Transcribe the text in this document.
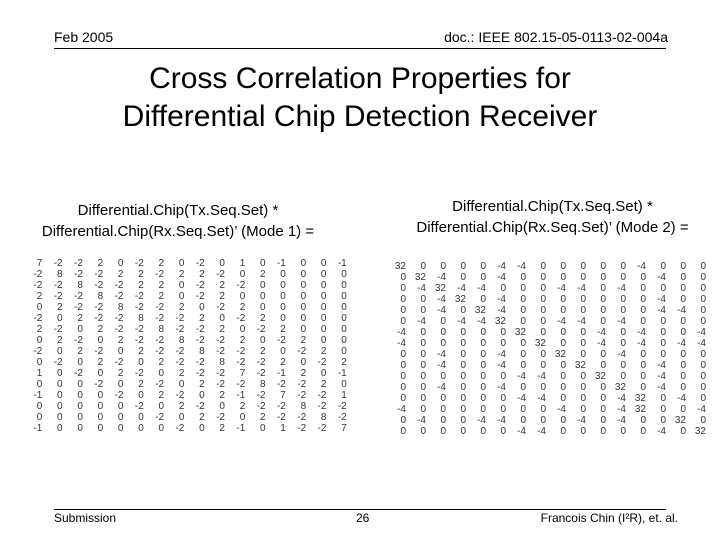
Feb 2005	doc.: IEEE 802.15-05-0113-02-004a
Cross Correlation Properties for
Differential Chip Detection Receiver
Differential.Chip(Tx.Seq.Set) *
Differential.Chip(Rx.Seq.Set)’ (Mode 1) =
Differential.Chip(Tx.Seq.Set) *
Differential.Chip(Rx.Seq.Set)’ (Mode 2) =
7	-2	-2	2	0	-2	2	0	-2	0	1	0	-1	0	0	-1
-2	8	-2	-2	2	2	-2	2	2	-2	0	2	0	0	0	0
-2	-2	8	-2	-2	2	2	0	-2	2	-2	0	0	0	0	0
2	-2	-2	8	-2	-2	2	0	-2	2	0	0	0	0	0	0
0	2	-2	-2	8	-2	-2	2	0	-2	2	0	0	0	0	0
-2	0	2	-2	-2	8	-2	-2	2	0	-2	2	0	0	0	0
2	-2	0	2	-2	-2	8	-2	-2	2	0	-2	2	0	0	0
0	2	-2	0	2	-2	-2	8	-2	-2	2	0	-2	2	0	0
-2	0	2	-2	0	2	-2	-2	8	-2	-2	2	0	-2	2	0
0	-2	0	2	-2	0	2	-2	-2	8	-2	-2	2	0	-2	2
1	0	-2	0	2	-2	0	2	-2	-2	7	-2	-1	2	0	-1
0	0	0	-2	0	2	-2	0	2	-2	-2	8	-2	-2	2	0
-1	0	0	0	-2	0	2	-2	0	2	-1	-2	7	-2	-2	1
0	0	0	0	0	-2	0	2	-2	0	2	-2	-2	8	-2	-2
0	0	0	0	0	0	-2	0	2	-2	0	2	-2	-2	8	-2
-1	0	0	0	0	0	0	-2	0	2	-1	0	1	-2	-2	7
32	0	0	0	0	-4	-4	0	0	0	0	0	-4	0	0	0
0	32	-4	0	0	-4	0	0	0	0	0	0	0	-4	0	0
0	-4	32	-4	-4	0	0	0	-4	-4	0	-4	0	0	0	0
0	0	-4	32	0	-4	0	0	0	0	0	0	0	-4	0	0
0	0	-4	0	32	-4	0	0	0	0	0	0	0	-4	-4	0
0	-4	0	-4	-4	32	0	0	-4	-4	0	-4	0	0	0	0
-4	0	0	0	0	0	32	0	0	0	-4	0	-4	0	0	-4
-4	0	0	0	0	0	0	32	0	0	-4	0	-4	0	-4	-4
0	0	-4	0	0	-4	0	0	32	0	0	-4	0	0	0	0
0	0	-4	0	0	-4	0	0	0	32	0	0	0	-4	0	0
0	0	0	0	0	0	-4	-4	0	0	32	0	0	-4	0	0
0	0	-4	0	0	-4	0	0	0	0	0	32	0	-4	0	0
0	0	0	0	0	0	-4	-4	0	0	0	-4	32	0	-4	0
-4	0	0	0	0	0	0	0	-4	0	0	-4	32	0	0	-4
0	-4	0	0	-4	-4	0	0	0	-4	0	-4	0	0	32	0
0	0	0	0	0	0	-4	-4	0	0	0	0	0	-4	0	32
Submission	26	Francois Chin (I²R), et. al.
